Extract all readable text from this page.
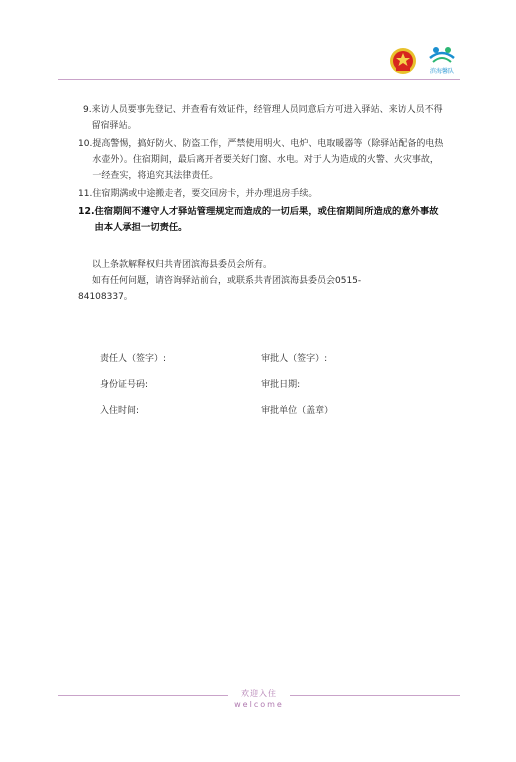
滨海馨队
9. 来访人员要事先登记、并查看有效证件，经管理人员同意后方可进入驿站、来访人员不得留宿驿站。
10. 提高警惕，搞好防火、防盗工作，严禁使用明火、电炉、电取暖器等（除驿站配备的电热水壶外）。住宿期间，最后离开者要关好门窗、水电。对于人为造成的火警、火灾事故，一经查实，将追究其法律责任。
11. 住宿期满或中途搬走者，要交回房卡，并办理退房手续。
12. 住宿期间不遵守人才驿站管理规定而造成的一切后果，或住宿期间所造成的意外事故由本人承担一切责任。

以上条款解释权归共青团滨海县委员会所有。

如有任何问题，请咨询驿站前台，或联系共青团滨海县委员会0515-

84108337。

责任人（签字）:	审批人（签字）:
身份证号码:	审批日期:
入住时间:	审批单位（盖章）
欢迎入住
welcome
